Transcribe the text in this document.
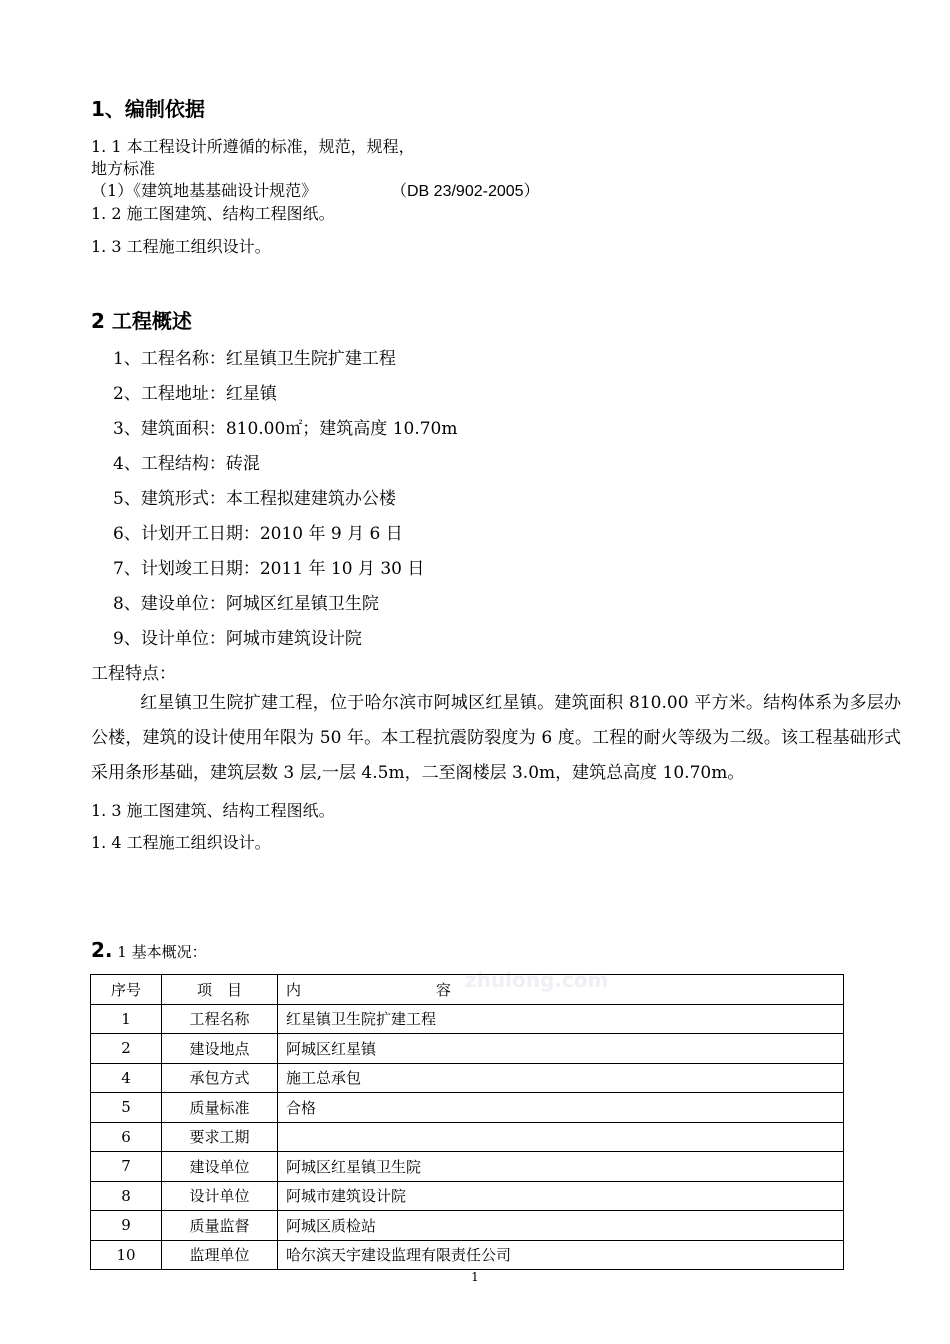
1、编制依据
1. 1 本工程设计所遵循的标准，规范，规程，
地方标准
（1）《建筑地基基础设计规范》	（DB 23/902-2005）
1. 2 施工图建筑、结构工程图纸。
1. 3 工程施工组织设计。
2 工程概述
1、工程名称：红星镇卫生院扩建工程
2、工程地址：红星镇
3、建筑面积：810.00㎡；建筑高度 10.70m
4、工程结构：砖混
5、建筑形式：本工程拟建建筑办公楼
6、计划开工日期：2010 年 9 月 6 日
7、计划竣工日期：2011 年 10 月 30 日
8、建设单位：阿城区红星镇卫生院
9、设计单位：阿城市建筑设计院
工程特点：
红星镇卫生院扩建工程，位于哈尔滨市阿城区红星镇。建筑面积 810.00 平方米。结构体系为多层办公楼，建筑的设计使用年限为 50 年。本工程抗震防裂度为 6 度。工程的耐火等级为二级。该工程基础形式采用条形基础，建筑层数 3 层,一层 4.5m，二至阁楼层 3.0m，建筑总高度 10.70m。
1. 3 施工图建筑、结构工程图纸。
1. 4 工程施工组织设计。
2. 1 基本概况：
zhulong.com
序号	项　目	内　　　　　　　　　容
1	工程名称	红星镇卫生院扩建工程
2	建设地点	阿城区红星镇
4	承包方式	施工总承包
5	质量标准	合格
6	要求工期	
7	建设单位	阿城区红星镇卫生院
8	设计单位	阿城市建筑设计院
9	质量监督	阿城区质检站
10	监理单位	哈尔滨天宇建设监理有限责任公司
1
